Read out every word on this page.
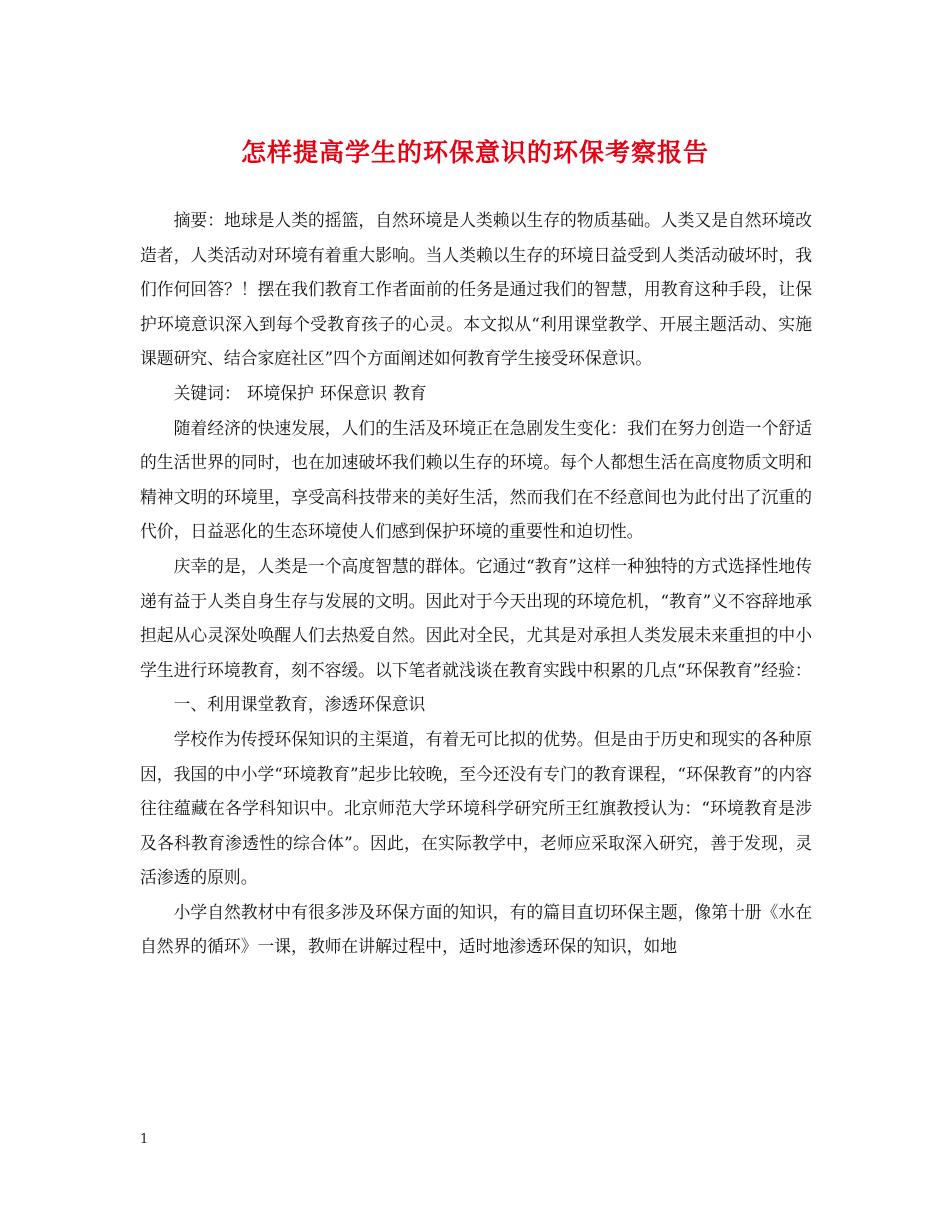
怎样提高学生的环保意识的环保考察报告

摘要：地球是人类的摇篮，自然环境是人类赖以生存的物质基础。人类又是自然环境改造者，人类活动对环境有着重大影响。当人类赖以生存的环境日益受到人类活动破坏时，我们作何回答？！摆在我们教育工作者面前的任务是通过我们的智慧，用教育这种手段，让保护环境意识深入到每个受教育孩子的心灵。本文拟从“利用课堂教学、开展主题活动、实施课题研究、结合家庭社区”四个方面阐述如何教育学生接受环保意识。

关键词： 环境保护 环保意识 教育

随着经济的快速发展，人们的生活及环境正在急剧发生变化：我们在努力创造一个舒适的生活世界的同时，也在加速破坏我们赖以生存的环境。每个人都想生活在高度物质文明和精神文明的环境里，享受高科技带来的美好生活，然而我们在不经意间也为此付出了沉重的代价，日益恶化的生态环境使人们感到保护环境的重要性和迫切性。

庆幸的是，人类是一个高度智慧的群体。它通过“教育”这样一种独特的方式选择性地传递有益于人类自身生存与发展的文明。因此对于今天出现的环境危机，“教育”义不容辞地承担起从心灵深处唤醒人们去热爱自然。因此对全民，尤其是对承担人类发展未来重担的中小学生进行环境教育，刻不容缓。以下笔者就浅谈在教育实践中积累的几点“环保教育”经验：

一、利用课堂教育，渗透环保意识

学校作为传授环保知识的主渠道，有着无可比拟的优势。但是由于历史和现实的各种原因，我国的中小学“环境教育”起步比较晚，至今还没有专门的教育课程，“环保教育”的内容往往蕴藏在各学科知识中。北京师范大学环境科学研究所王红旗教授认为：“环境教育是涉及各科教育渗透性的综合体”。因此，在实际教学中，老师应采取深入研究，善于发现，灵活渗透的原则。

小学自然教材中有很多涉及环保方面的知识，有的篇目直切环保主题，像第十册《水在自然界的循环》一课，教师在讲解过程中，适时地渗透环保的知识，如地

1
